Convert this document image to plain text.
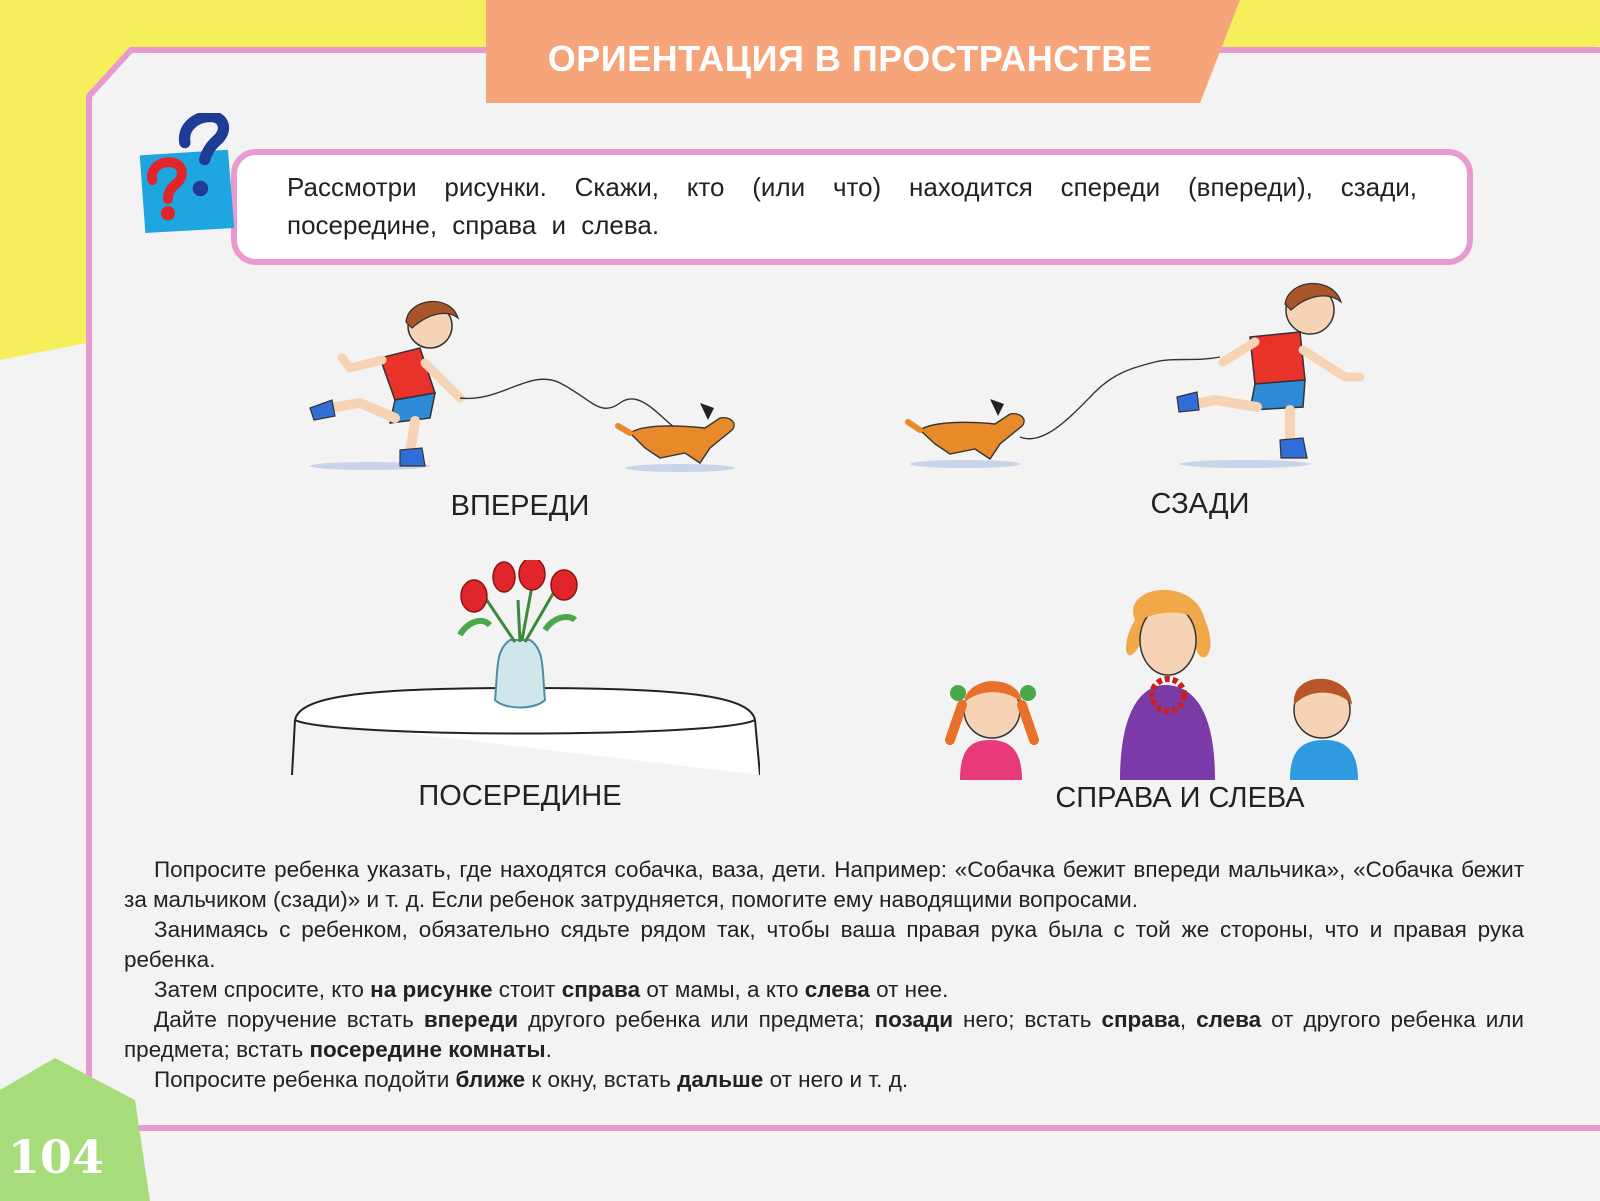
ОРИЕНТАЦИЯ В ПРОСТРАНСТВЕ
Рассмотри рисунки. Скажи, кто (или что) находится спереди (впереди), сзади, посередине, справа и слева.
ВПЕРЕДИ	СЗАДИ
ПОСЕРЕДИНЕ	СПРАВА И СЛЕВА

Попросите ребенка указать, где находятся собачка, ваза, дети. Например: «Собачка бежит впереди мальчика», «Собачка бежит за мальчиком (сзади)» и т. д. Если ребенок затрудняется, помогите ему наводящими вопросами.

Занимаясь с ребенком, обязательно сядьте рядом так, чтобы ваша правая рука была с той же стороны, что и правая рука ребенка.

Затем спросите, кто на рисунке стоит справа от мамы, а кто слева от нее.

Дайте поручение встать впереди другого ребенка или предмета; позади него; встать справа, слева от другого ребенка или предмета; встать посередине комнаты.

Попросите ребенка подойти ближе к окну, встать дальше от него и т. д.

104
